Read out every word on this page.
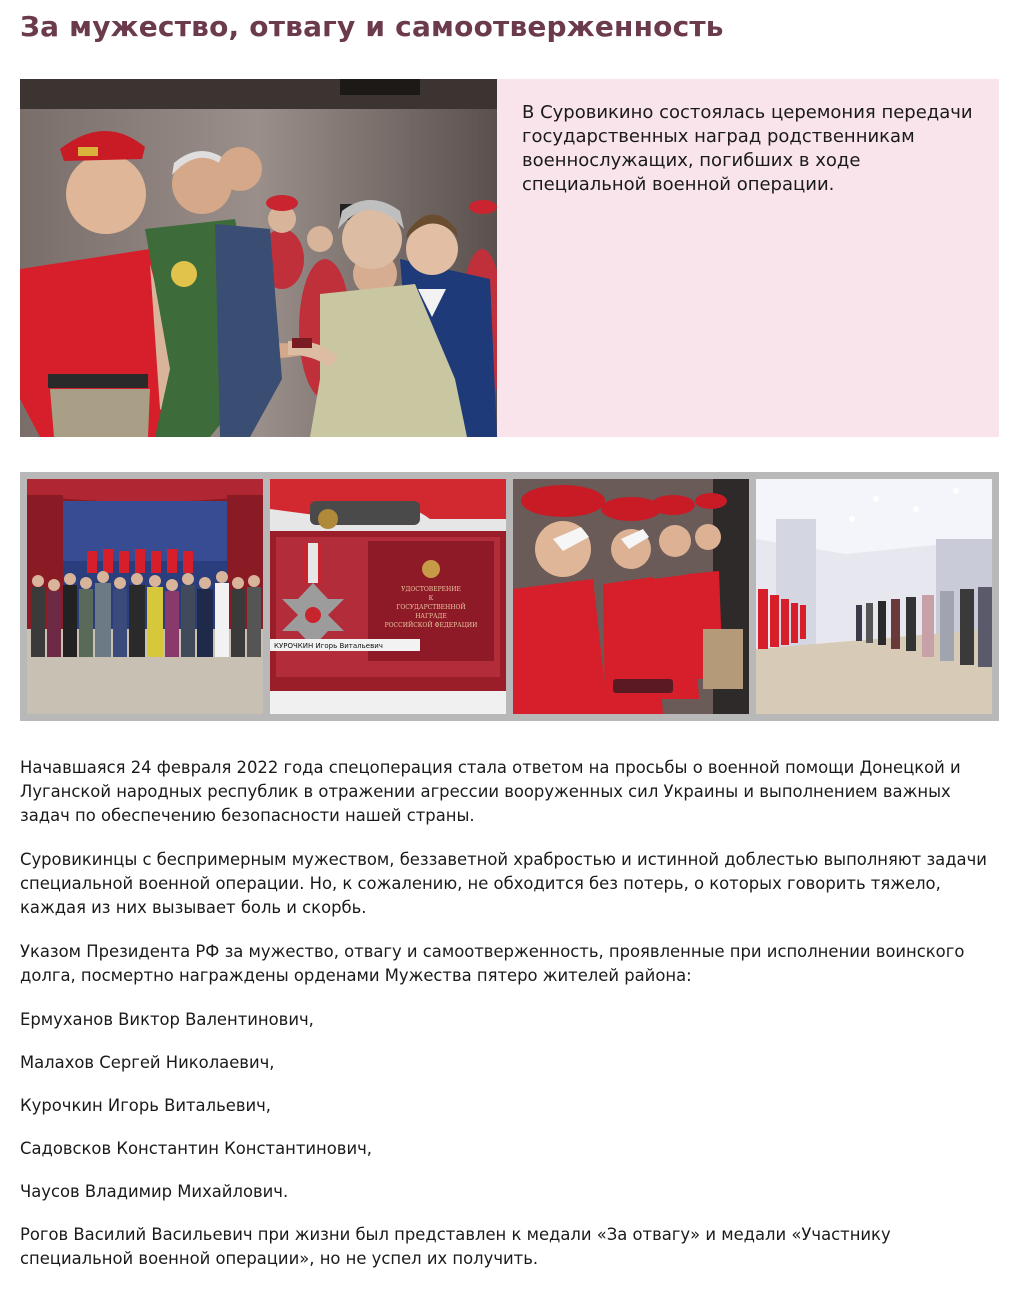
За мужество, отвагу и самоотверженность

В Суровикино состоялась церемония передачи государственных наград родственникам военнослужащих, погибших в ходе специальной военной операции.

УДОСТОВЕРЕНИЕ
К
ГОСУДАРСТВЕННОЙ
НАГРАДЕ
РОССИЙСКОЙ ФЕДЕРАЦИИ
КУРОЧКИН Игорь Витальевич

Начавшаяся 24 февраля 2022 года спецоперация стала ответом на просьбы о военной помощи Донецкой и Луганской народных республик в отражении агрессии вооруженных сил Украины и выполнением важных задач по обеспечению безопасности нашей страны.

Суровикинцы с беспримерным мужеством, беззаветной храбростью и истинной доблестью выполняют задачи специальной военной операции. Но, к сожалению, не обходится без потерь, о которых говорить тяжело, каждая из них вызывает боль и скорбь.

Указом Президента РФ за мужество, отвагу и самоотверженность, проявленные при исполнении воинского долга, посмертно награждены орденами Мужества пятеро жителей района:

Ермуханов Виктор Валентинович,

Малахов Сергей Николаевич,

Курочкин Игорь Витальевич,

Садовсков Константин Константинович,

Чаусов Владимир Михайлович.

Рогов Василий Васильевич при жизни был представлен к медали «За отвагу» и медали «Участнику специальной военной операции», но не успел их получить.
